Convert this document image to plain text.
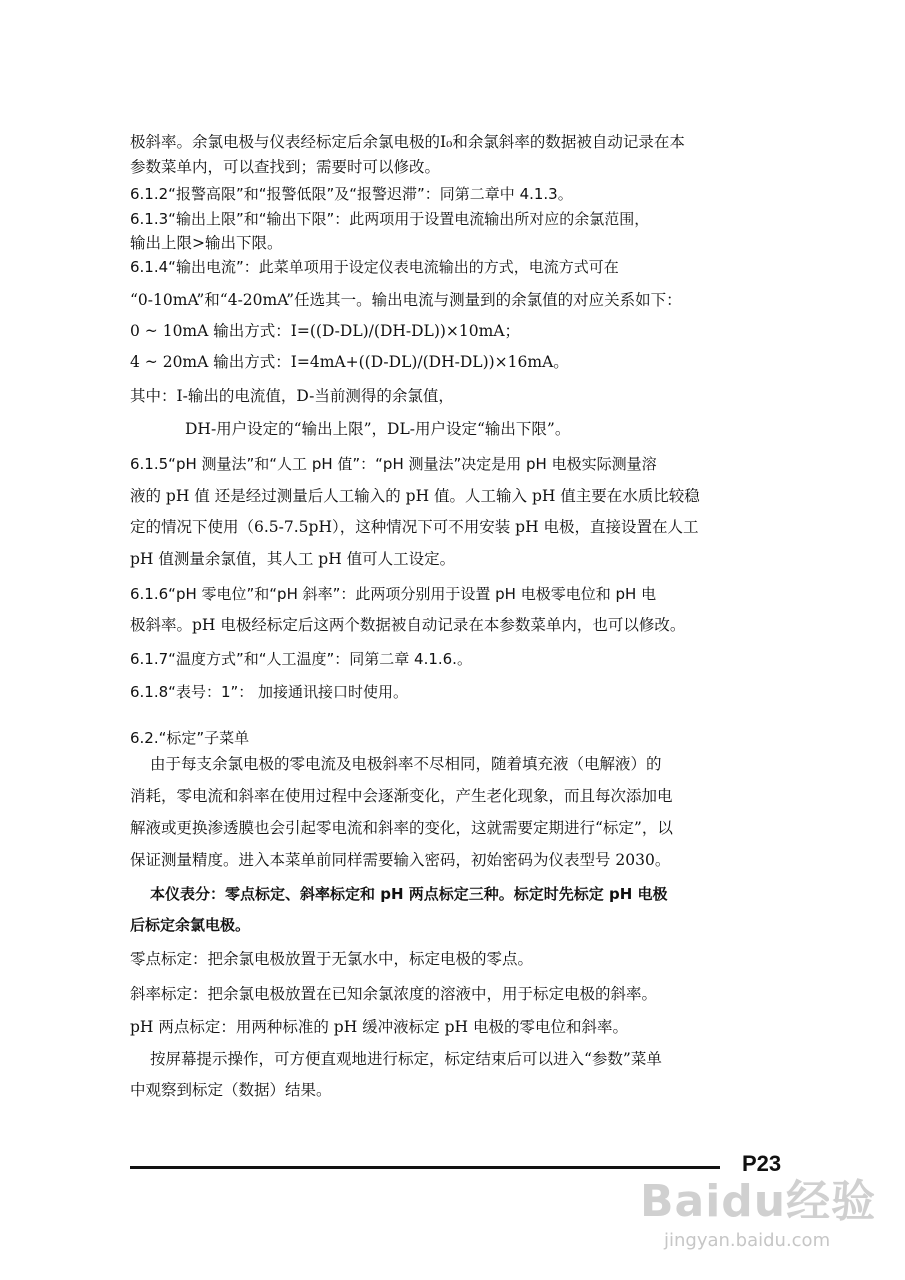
极斜率。余氯电极与仪表经标定后余氯电极的I₀和余氯斜率的数据被自动记录在本
参数菜单内，可以查找到；需要时可以修改。
6.1.2“报警高限”和“报警低限”及“报警迟滞”：同第二章中 4.1.3。
6.1.3“输出上限”和“输出下限”：此两项用于设置电流输出所对应的余氯范围，
输出上限>输出下限。
6.1.4“输出电流”：此菜单项用于设定仪表电流输出的方式，电流方式可在
“0-10mA”和“4-20mA”任选其一。输出电流与测量到的余氯值的对应关系如下：
0 ~ 10mA 输出方式：I=((D-DL)/(DH-DL))×10mA；
4 ~ 20mA 输出方式：I=4mA+((D-DL)/(DH-DL))×16mA。
其中：I-输出的电流值，D-当前测得的余氯值，
DH-用户设定的“输出上限”，DL-用户设定“输出下限”。
6.1.5“pH 测量法”和“人工 pH 值”：“pH 测量法”决定是用 pH 电极实际测量溶
液的 pH 值 还是经过测量后人工输入的 pH 值。人工输入 pH 值主要在水质比较稳
定的情况下使用（6.5-7.5pH），这种情况下可不用安装 pH 电极，直接设置在人工
pH 值测量余氯值，其人工 pH 值可人工设定。
6.1.6“pH 零电位”和“pH 斜率”：此两项分别用于设置 pH 电极零电位和 pH 电
极斜率。pH 电极经标定后这两个数据被自动记录在本参数菜单内，也可以修改。
6.1.7“温度方式”和“人工温度”：同第二章 4.1.6.。
6.1.8“表号：1”： 加接通讯接口时使用。
6.2.“标定”子菜单
由于每支余氯电极的零电流及电极斜率不尽相同，随着填充液（电解液）的
消耗，零电流和斜率在使用过程中会逐渐变化，产生老化现象，而且每次添加电
解液或更换渗透膜也会引起零电流和斜率的变化，这就需要定期进行“标定”，以
保证测量精度。进入本菜单前同样需要输入密码，初始密码为仪表型号 2030。
本仪表分：零点标定、斜率标定和 pH 两点标定三种。标定时先标定 pH 电极
后标定余氯电极。
零点标定：把余氯电极放置于无氯水中，标定电极的零点。
斜率标定：把余氯电极放置在已知余氯浓度的溶液中，用于标定电极的斜率。
pH 两点标定：用两种标准的 pH 缓冲液标定 pH 电极的零电位和斜率。
按屏幕提示操作，可方便直观地进行标定，标定结束后可以进入“参数”菜单
中观察到标定（数据）结果。
P23
Baidu经验
jingyan.baidu.com
